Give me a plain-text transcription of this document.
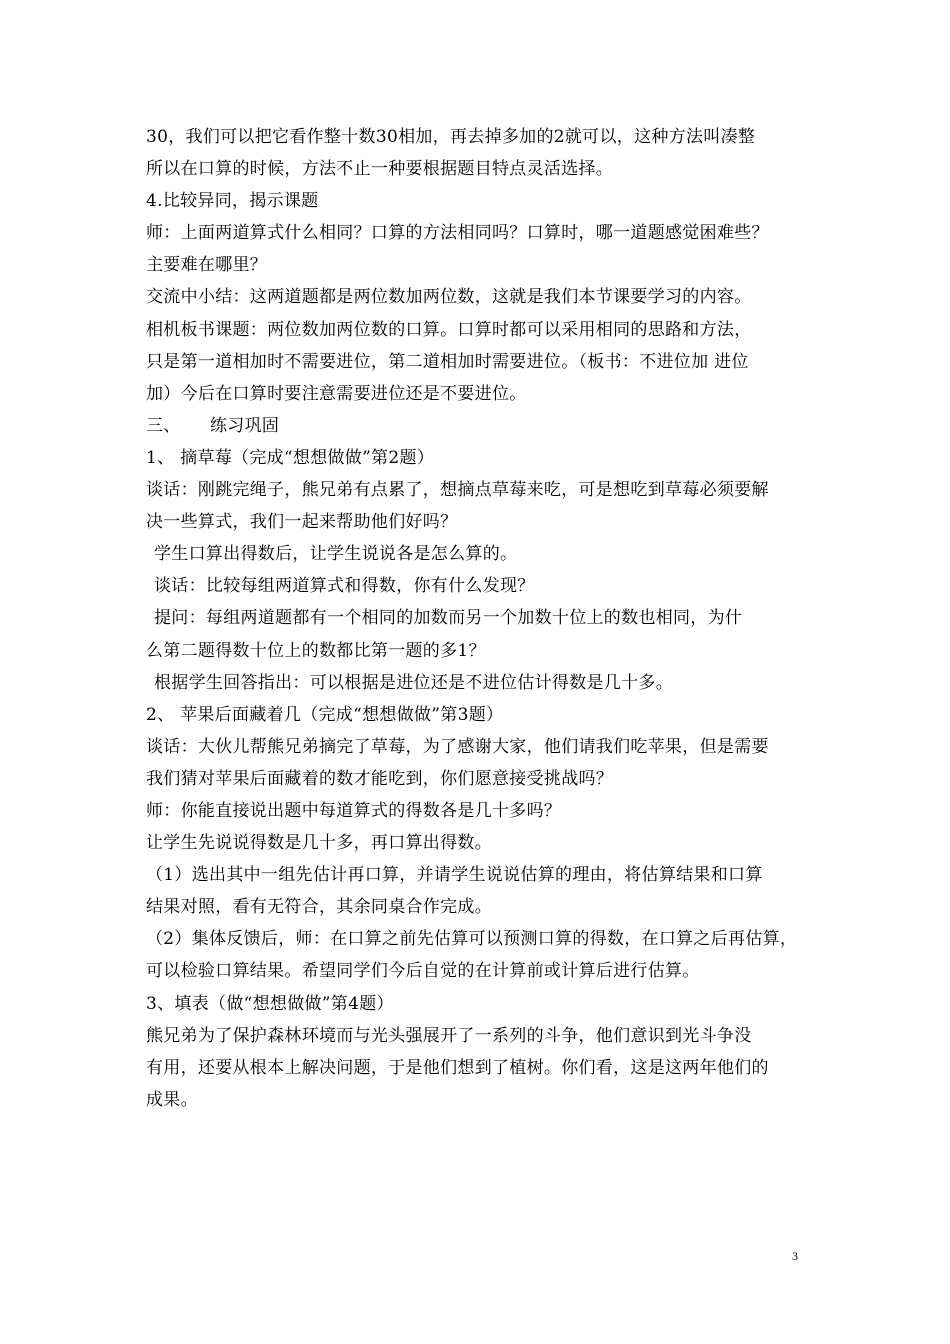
30，我们可以把它看作整十数30相加，再去掉多加的2就可以，这种方法叫凑整
所以在口算的时候，方法不止一种要根据题目特点灵活选择。
4.比较异同，揭示课题
师：上面两道算式什么相同？口算的方法相同吗？口算时，哪一道题感觉困难些？
主要难在哪里？
交流中小结：这两道题都是两位数加两位数，这就是我们本节课要学习的内容。
相机板书课题：两位数加两位数的口算。口算时都可以采用相同的思路和方法，
只是第一道相加时不需要进位，第二道相加时需要进位。（板书：不进位加 进位
加）今后在口算时要注意需要进位还是不要进位。
三、 练习巩固
1、 摘草莓（完成“想想做做”第2题）
谈话：刚跳完绳子，熊兄弟有点累了，想摘点草莓来吃，可是想吃到草莓必须要解
决一些算式，我们一起来帮助他们好吗？
学生口算出得数后，让学生说说各是怎么算的。
谈话：比较每组两道算式和得数，你有什么发现？
提问：每组两道题都有一个相同的加数而另一个加数十位上的数也相同，为什
么第二题得数十位上的数都比第一题的多1？
根据学生回答指出：可以根据是进位还是不进位估计得数是几十多。
2、 苹果后面藏着几（完成“想想做做”第3题）
谈话：大伙儿帮熊兄弟摘完了草莓，为了感谢大家，他们请我们吃苹果，但是需要
我们猜对苹果后面藏着的数才能吃到，你们愿意接受挑战吗？
师：你能直接说出题中每道算式的得数各是几十多吗？
让学生先说说得数是几十多，再口算出得数。
（1）选出其中一组先估计再口算，并请学生说说估算的理由，将估算结果和口算
结果对照，看有无符合，其余同桌合作完成。
（2）集体反馈后，师：在口算之前先估算可以预测口算的得数，在口算之后再估算，
可以检验口算结果。希望同学们今后自觉的在计算前或计算后进行估算。
3、填表（做“想想做做”第4题）
熊兄弟为了保护森林环境而与光头强展开了一系列的斗争，他们意识到光斗争没
有用，还要从根本上解决问题，于是他们想到了植树。你们看，这是这两年他们的
成果。
3
